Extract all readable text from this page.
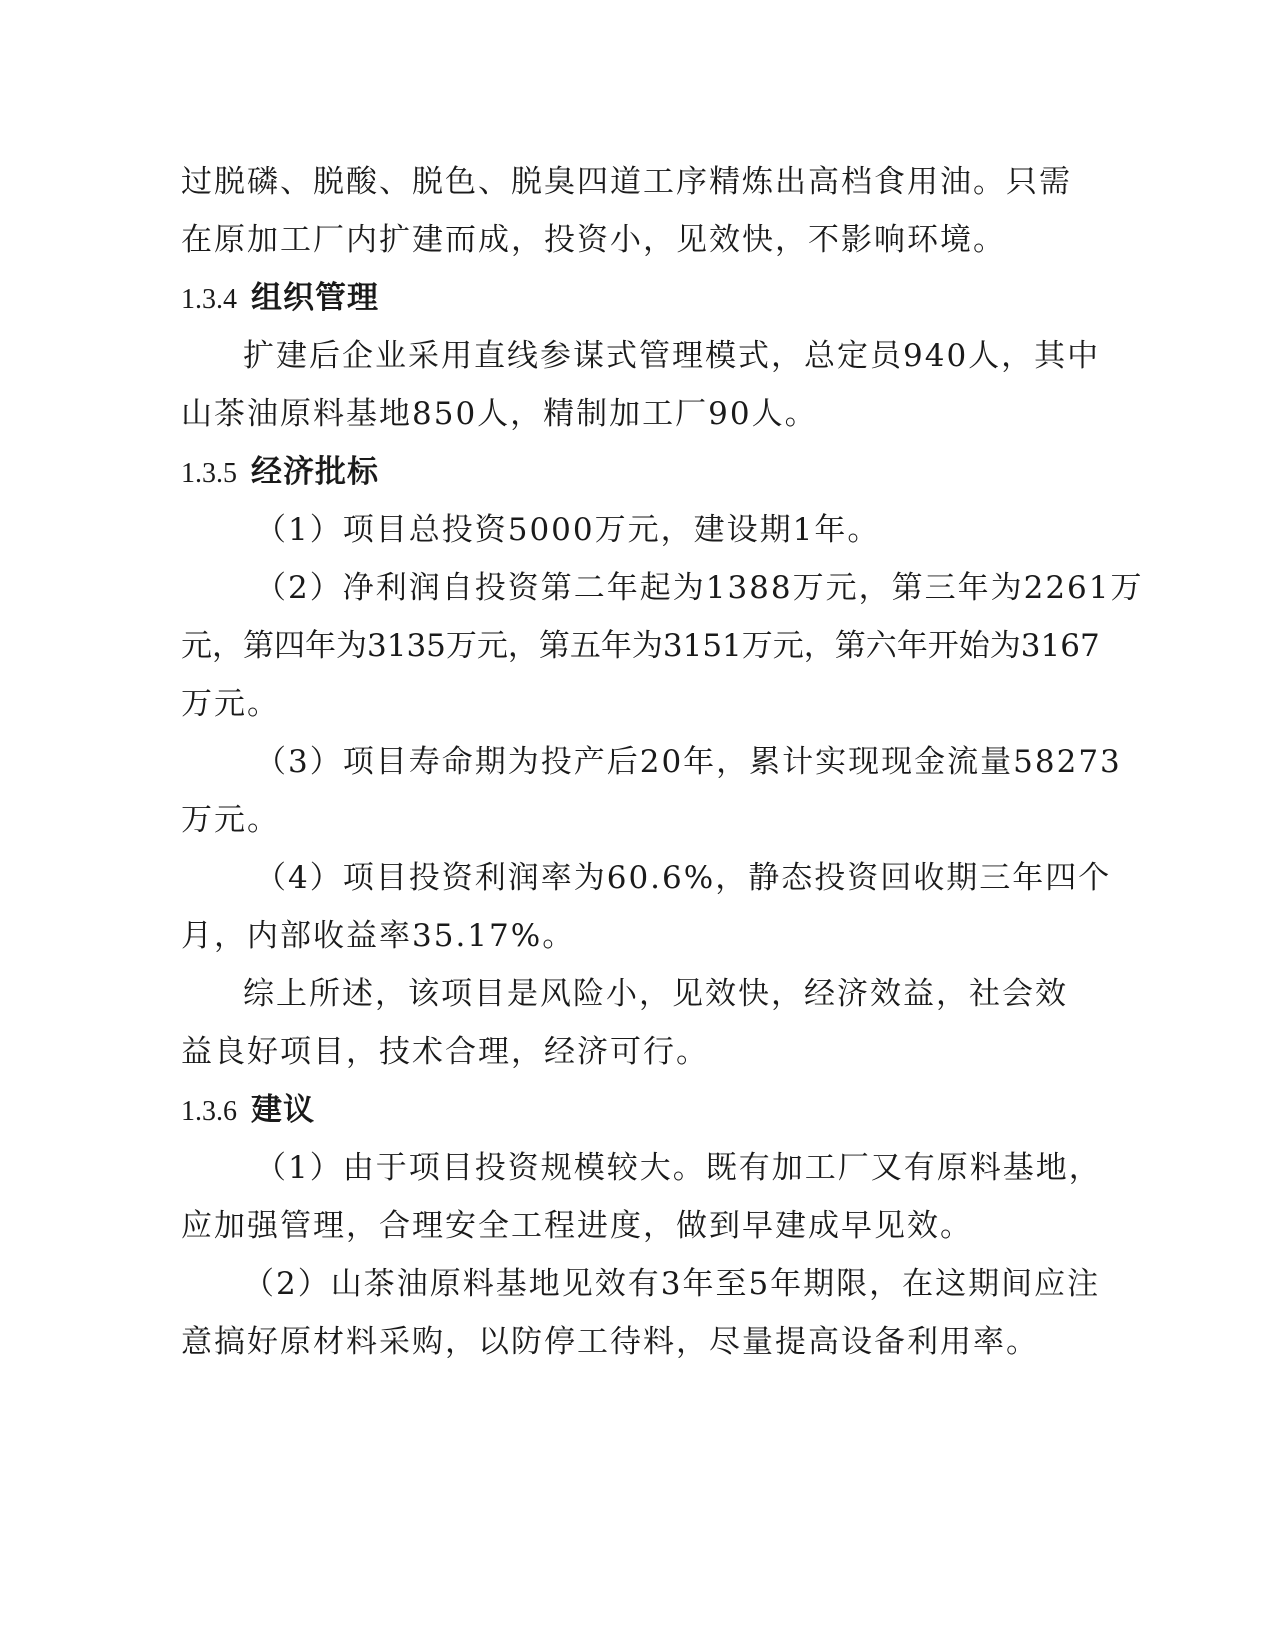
过脱磷、脱酸、脱色、脱臭四道工序精炼出高档食用油。只需
在原加工厂内扩建而成，投资小，见效快，不影响环境。
1.3.4 组织管理
扩建后企业采用直线参谋式管理模式，总定员940人，其中
山茶油原料基地850人，精制加工厂90人。
1.3.5 经济批标
（1）项目总投资5000万元，建设期1年。
（2）净利润自投资第二年起为1388万元，第三年为2261万
元，第四年为3135万元，第五年为3151万元，第六年开始为3167
万元。
（3）项目寿命期为投产后20年，累计实现现金流量58273
万元。
（4）项目投资利润率为60.6%，静态投资回收期三年四个
月，内部收益率35.17%。
综上所述，该项目是风险小，见效快，经济效益，社会效
益良好项目，技术合理，经济可行。
1.3.6 建议
（1）由于项目投资规模较大。既有加工厂又有原料基地，
应加强管理，合理安全工程进度，做到早建成早见效。
（2）山茶油原料基地见效有3年至5年期限，在这期间应注
意搞好原材料采购，以防停工待料，尽量提高设备利用率。
